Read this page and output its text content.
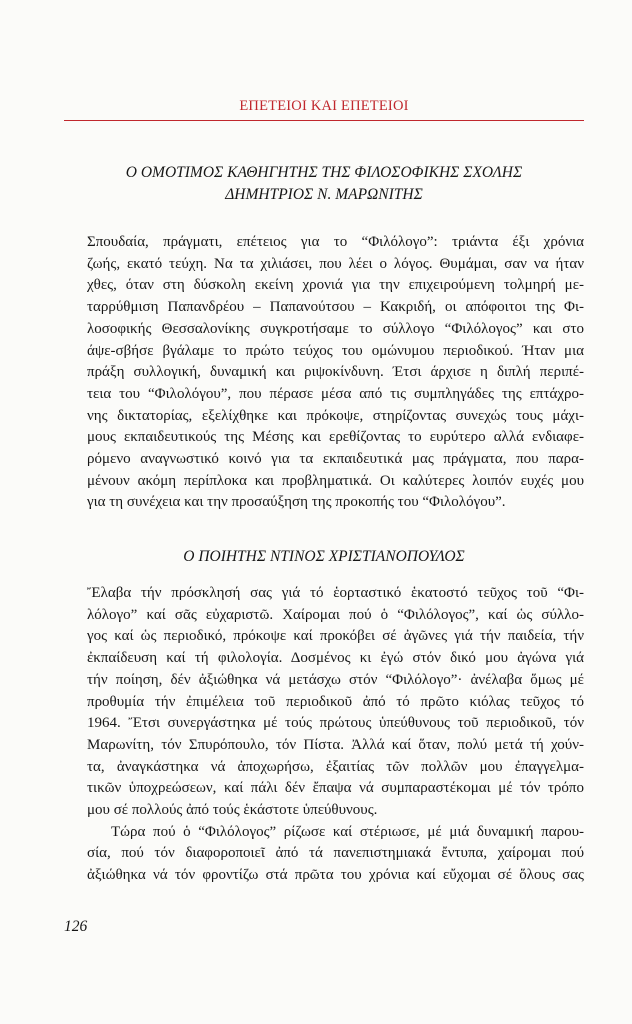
ΕΠΕΤΕΙΟΙ ΚΑΙ ΕΠΕΤΕΙΟΙ
Ο ΟΜΟΤΙΜΟΣ ΚΑΘΗΓΗΤΗΣ ΤΗΣ ΦΙΛΟΣΟΦΙΚΗΣ ΣΧΟΛΗΣ
ΔΗΜΗΤΡΙΟΣ Ν. ΜΑΡΩΝΙΤΗΣ
Σπουδαία, πράγματι, επέτειος για το “Φιλόλογο”: τριάντα έξι χρόνια
ζωής, εκατό τεύχη. Να τα χιλιάσει, που λέει ο λόγος. Θυμάμαι, σαν να ήταν
χθες, όταν στη δύσκολη εκείνη χρονιά για την επιχειρούμενη τολμηρή με-
ταρρύθμιση Παπανδρέου – Παπανούτσου – Κακριδή, οι απόφοιτοι της Φι-
λοσοφικής Θεσσαλονίκης συγκροτήσαμε το σύλλογο “Φιλόλογος” και στο
άψε-σβήσε βγάλαμε το πρώτο τεύχος του ομώνυμου περιοδικού. Ήταν μια
πράξη συλλογική, δυναμική και ριψοκίνδυνη. Έτσι άρχισε η διπλή περιπέ-
τεια του “Φιλολόγου”, που πέρασε μέσα από τις συμπληγάδες της επτάχρο-
νης δικτατορίας, εξελίχθηκε και πρόκοψε, στηρίζοντας συνεχώς τους μάχι-
μους εκπαιδευτικούς της Μέσης και ερεθίζοντας το ευρύτερο αλλά ενδιαφε-
ρόμενο αναγνωστικό κοινό για τα εκπαιδευτικά μας πράγματα, που παρα-
μένουν ακόμη περίπλοκα και προβληματικά. Οι καλύτερες λοιπόν ευχές μου
για τη συνέχεια και την προσαύξηση της προκοπής του “Φιλολόγου”.
Ο ΠΟΙΗΤΗΣ ΝΤΙΝΟΣ ΧΡΙΣΤΙΑΝΟΠΟΥΛΟΣ
Ἔλαβα τήν πρόσκλησή σας γιά τό ἑορταστικό ἑκατοστό τεῦχος τοῦ “Φι-
λόλογο” καί σᾶς εὐχαριστῶ. Χαίρομαι πού ὁ “Φιλόλογος”, καί ὡς σύλλο-
γος καί ὡς περιοδικό, πρόκοψε καί προκόβει σέ ἀγῶνες γιά τήν παιδεία, τήν
ἐκπαίδευση καί τή φιλολογία. Δοσμένος κι ἐγώ στόν δικό μου ἀγώνα γιά
τήν ποίηση, δέν ἀξιώθηκα νά μετάσχω στόν “Φιλόλογο”· ἀνέλαβα ὅμως μέ
προθυμία τήν ἐπιμέλεια τοῦ περιοδικοῦ ἀπό τό πρῶτο κιόλας τεῦχος τό
1964. Ἔτσι συνεργάστηκα μέ τούς πρώτους ὑπεύθυνους τοῦ περιοδικοῦ, τόν
Μαρωνίτη, τόν Σπυρόπουλο, τόν Πίστα. Ἀλλά καί ὅταν, πολύ μετά τή χούν-
τα, ἀναγκάστηκα νά ἀποχωρήσω, ἐξαιτίας τῶν πολλῶν μου ἐπαγγελμα-
τικῶν ὑποχρεώσεων, καί πάλι δέν ἔπαψα νά συμπαραστέκομαι μέ τόν τρόπο
μου σέ πολλούς ἀπό τούς ἑκάστοτε ὑπεύθυνους.
Τώρα πού ὁ “Φιλόλογος” ρίζωσε καί στέριωσε, μέ μιά δυναμική παρου-
σία, πού τόν διαφοροποιεῖ ἀπό τά πανεπιστημιακά ἔντυπα, χαίρομαι πού
ἀξιώθηκα νά τόν φροντίζω στά πρῶτα του χρόνια καί εὔχομαι σέ ὅλους σας
126
